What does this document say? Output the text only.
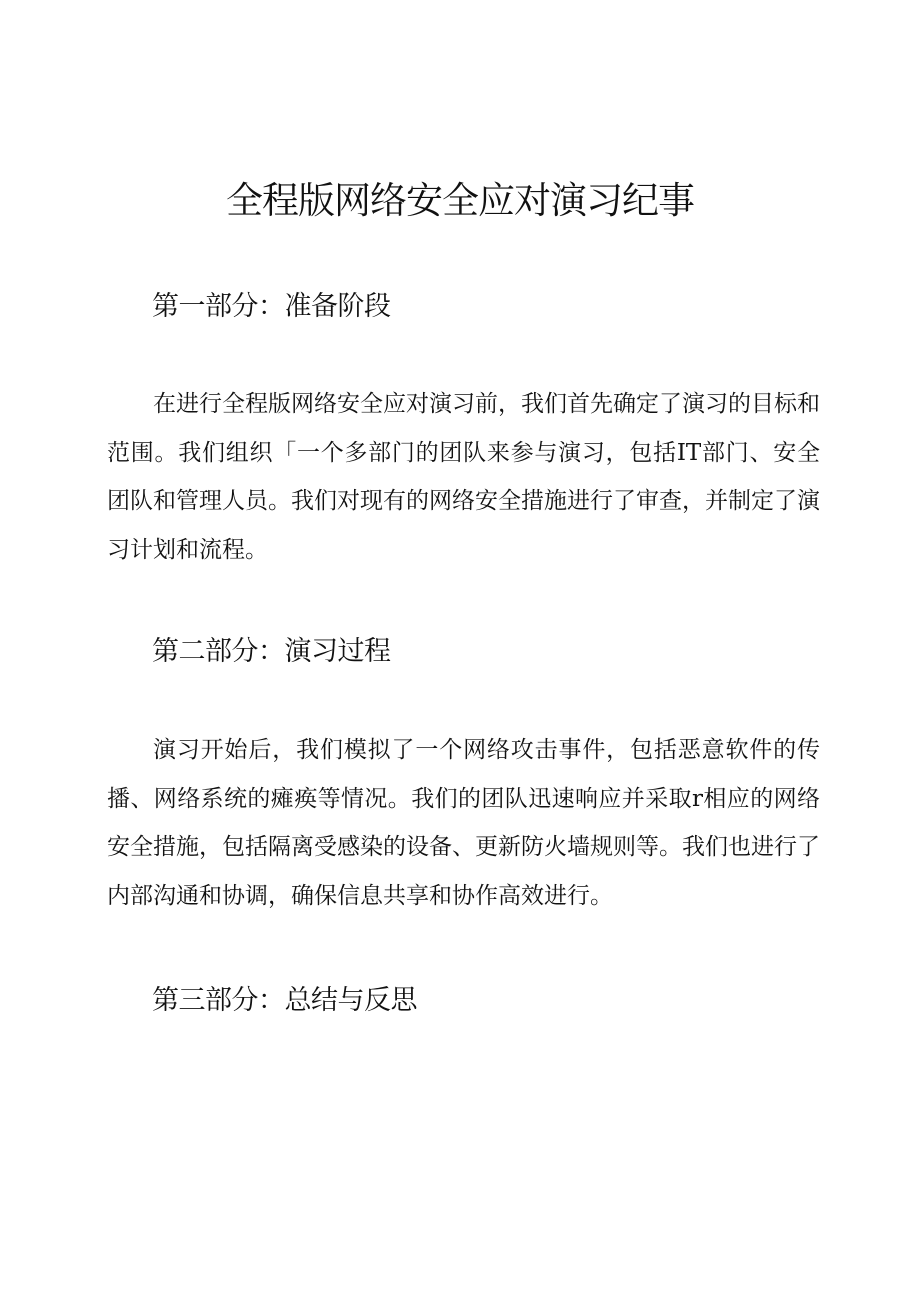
全程版网络安全应对演习纪事
第一部分：准备阶段
在进行全程版网络安全应对演习前，我们首先确定了演习的目标和范围。我们组织「一个多部门的团队来参与演习，包括IT部门、安全团队和管理人员。我们对现有的网络安全措施进行了审查，并制定了演习计划和流程。
第二部分：演习过程
演习开始后，我们模拟了一个网络攻击事件，包括恶意软件的传播、网络系统的瘫痪等情况。我们的团队迅速响应并采取r相应的网络安全措施，包括隔离受感染的设备、更新防火墙规则等。我们也进行了内部沟通和协调，确保信息共享和协作高效进行。
第三部分：总结与反思
